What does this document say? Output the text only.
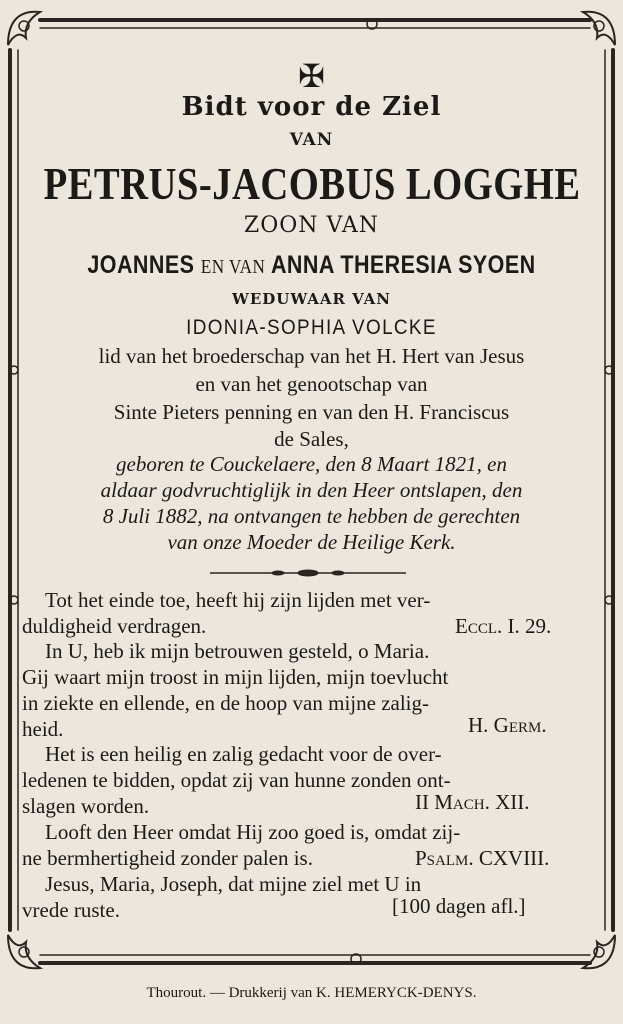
✠
Bidt voor de Ziel
VAN
PETRUS-JACOBUS LOGGHE
ZOON VAN
JOANNES EN VAN ANNA THERESIA SYOEN
WEDUWAAR VAN
IDONIA-SOPHIA VOLCKE
lid van het broederschap van het H. Hert van Jesus
en van het genootschap van
Sinte Pieters penning en van den H. Franciscus
de Sales,
geboren te Couckelaere, den 8 Maart 1821, en
aldaar godvruchtiglijk in den Heer ontslapen, den
8 Juli 1882, na ontvangen te hebben de gerechten
van onze Moeder de Heilige Kerk.
Tot het einde toe, heeft hij zijn lijden met ver-
duldigheid verdragen.	Eccl. I. 29.
In U, heb ik mijn betrouwen gesteld, o Maria.
Gij waart mijn troost in mijn lijden, mijn toevlucht
in ziekte en ellende, en de hoop van mijne zalig-
heid.	H. Germ.
Het is een heilig en zalig gedacht voor de over-
ledenen te bidden, opdat zij van hunne zonden ont-
slagen worden.	II Mach. XII.
Looft den Heer omdat Hij zoo goed is, omdat zij-
ne bermhertigheid zonder palen is.	Psalm. CXVIII.
Jesus, Maria, Joseph, dat mijne ziel met U in
vrede ruste.	[100 dagen afl.]
Thourout. — Drukkerij van K. HEMERYCK-DENYS.
